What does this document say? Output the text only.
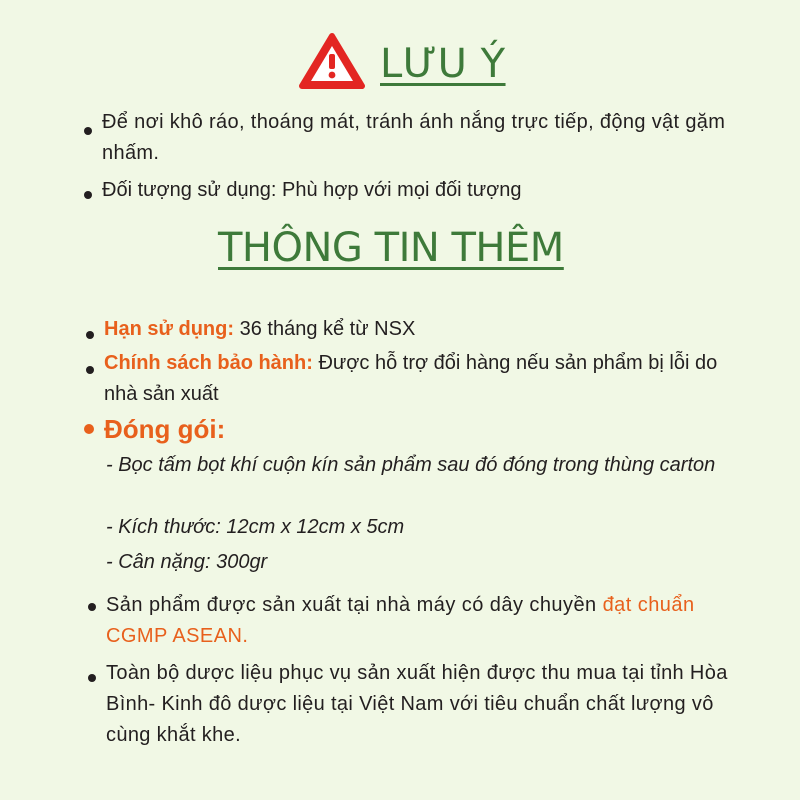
LƯU Ý

Để nơi khô ráo, thoáng mát, tránh ánh nắng trực tiếp, động vật gặm nhấm.

Đối tượng sử dụng: Phù hợp với mọi đối tượng

THÔNG TIN THÊM

Hạn sử dụng: 36 tháng kể từ NSX

Chính sách bảo hành: Được hỗ trợ đổi hàng nếu sản phẩm bị lỗi do nhà sản xuất

Đóng gói:

- Bọc tấm bọt khí cuộn kín sản phẩm sau đó đóng trong thùng carton

- Kích thước: 12cm x 12cm x 5cm

- Cân nặng: 300gr

Sản phẩm được sản xuất tại nhà máy có dây chuyền đạt chuẩn CGMP ASEAN.

Toàn bộ dược liệu phục vụ sản xuất hiện được thu mua tại tỉnh Hòa Bình- Kinh đô dược liệu tại Việt Nam với tiêu chuẩn chất lượng vô cùng khắt khe.
